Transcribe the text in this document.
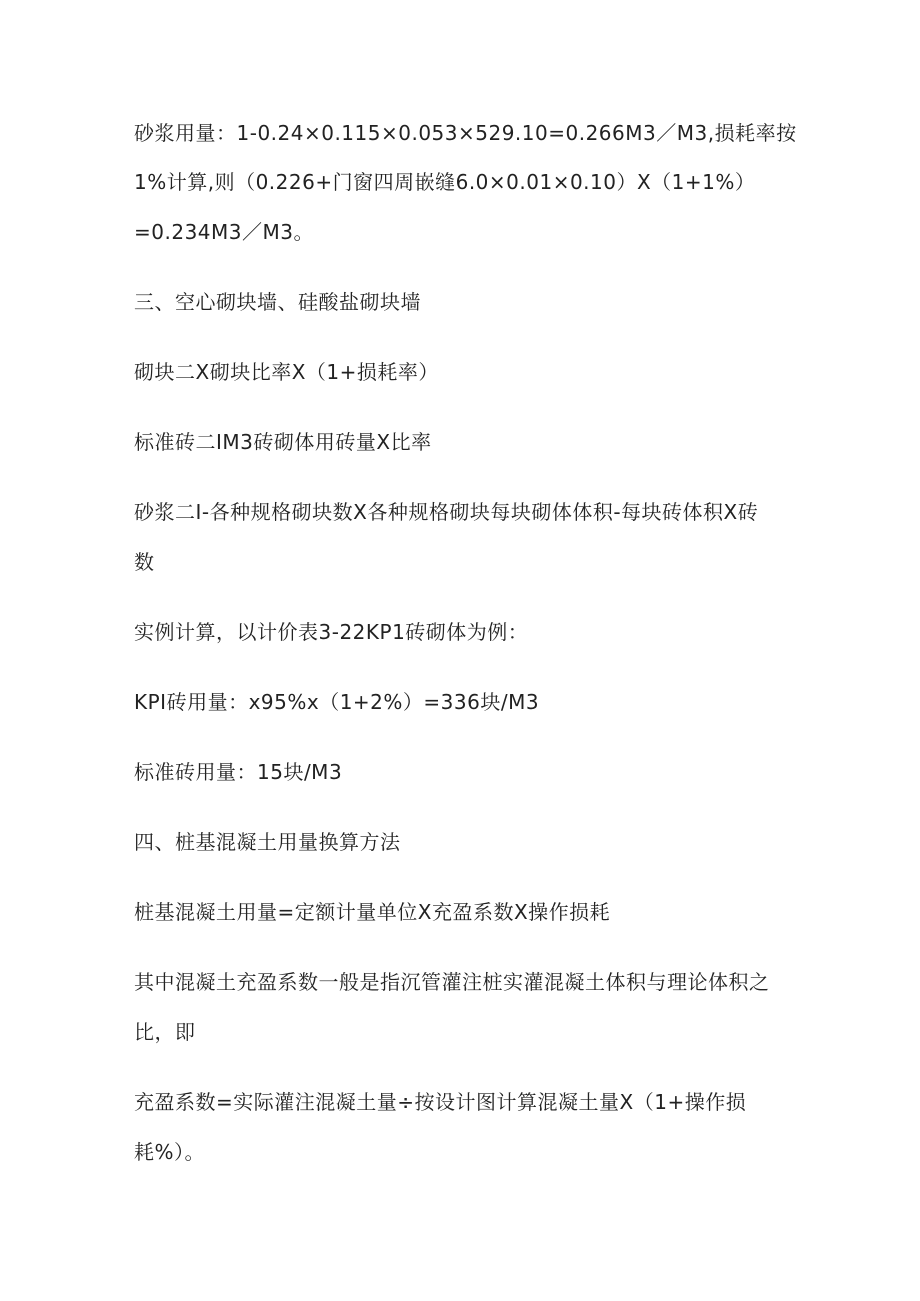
砂浆用量：1-0.24×0.115×0.053×529.10=0.266M3／M3,损耗率按
1%计算,则（0.226+门窗四周嵌缝6.0×0.01×0.10）X（1+1%）
=0.234M3／M3。
三、空心砌块墙、硅酸盐砌块墙
砌块二X砌块比率X（1+损耗率）
标准砖二IM3砖砌体用砖量X比率
砂浆二I-各种规格砌块数X各种规格砌块每块砌体体积-每块砖体积X砖
数
实例计算，以计价表3-22KP1砖砌体为例：
KPI砖用量：x95%x（1+2%）=336块/M3
标准砖用量：15块/M3
四、桩基混凝土用量换算方法
桩基混凝土用量=定额计量单位X充盈系数X操作损耗
其中混凝土充盈系数一般是指沉管灌注桩实灌混凝土体积与理论体积之
比，即
充盈系数=实际灌注混凝土量÷按设计图计算混凝土量X（1+操作损
耗%）。
